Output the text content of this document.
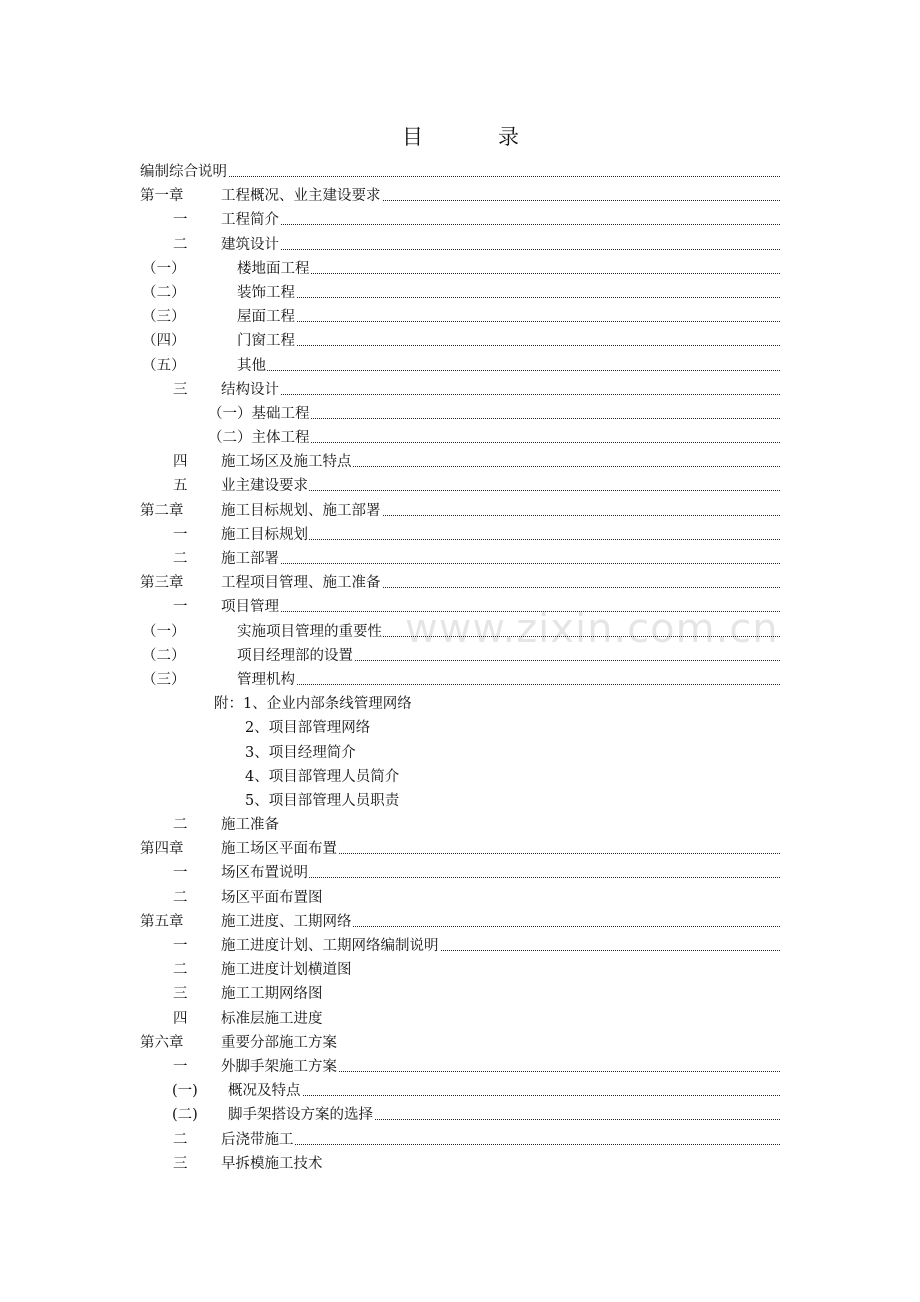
目	录
编制综合说明
第一章	工程概况、业主建设要求
一 工程简介
二 建筑设计
（一）	楼地面工程
（二）	装饰工程
（三）	屋面工程
（四）	门窗工程
（五）	其他
三 结构设计
（一）基础工程
（二）主体工程
四 施工场区及施工特点
五 业主建设要求
第二章	施工目标规划、施工部署
一 施工目标规划
二 施工部署
第三章	工程项目管理、施工准备
一 项目管理
（一）	实施项目管理的重要性
（二）	项目经理部的设置
（三）	管理机构
附：1、企业内部条线管理网络
2、项目部管理网络
3、项目经理简介
4、项目部管理人员简介
5、项目部管理人员职责
二 施工准备
第四章	施工场区平面布置
一 场区布置说明
二 场区平面布置图
第五章	施工进度、工期网络
一 施工进度计划、工期网络编制说明
二 施工进度计划横道图
三 施工工期网络图
四 标准层施工进度
第六章	重要分部施工方案
一 外脚手架施工方案
(一) 概况及特点
(二) 脚手架搭设方案的选择
二 后浇带施工
三 早拆模施工技术
www.zixin.com.cn
